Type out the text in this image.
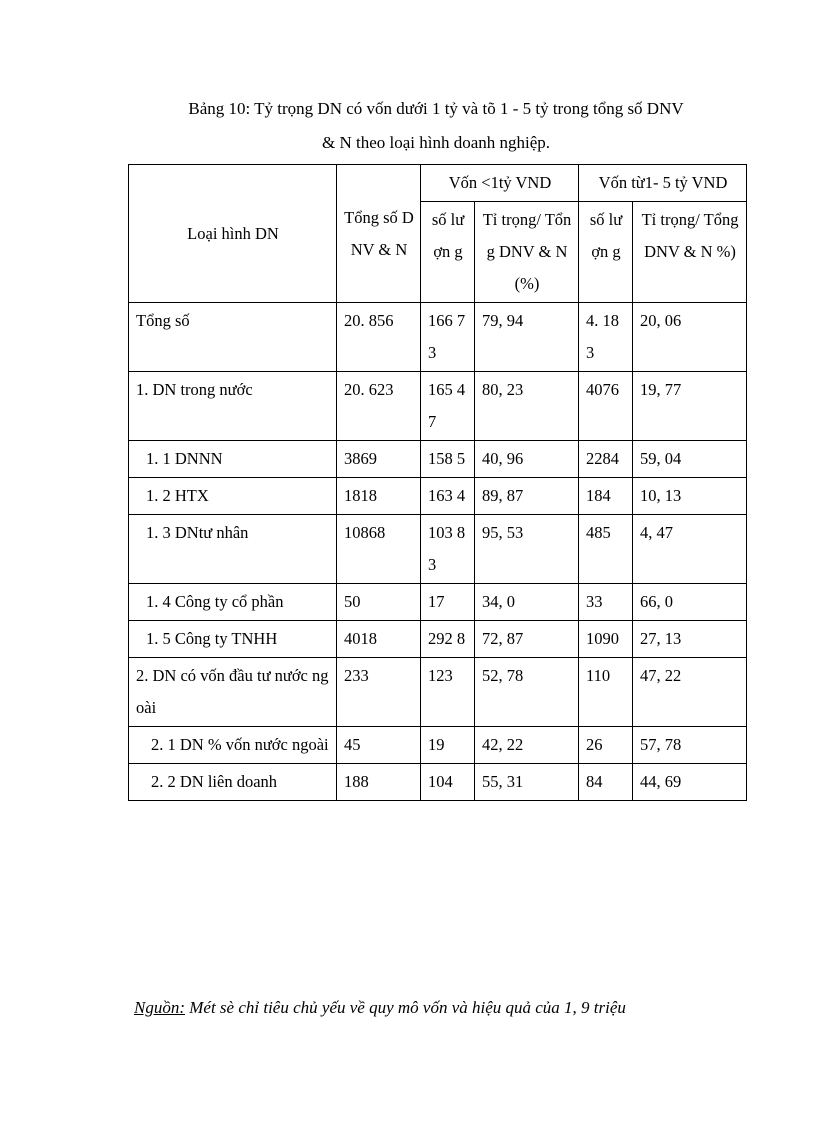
Bảng 10: Tỷ trọng DN có vốn dưới 1 tỷ và tõ 1 - 5 tỷ trong tổng số DNV
& N theo loại hình doanh nghiệp.
Loại hình DN	Tổng số DNV & N	Vốn <1tỷ VND		Vốn từ1- 5 tỷ VND	
		số lượn g	Tỉ trọng/ Tổng DNV & N (%)	số lượn g	Tỉ trọng/ Tổng DNV & N %)
Tổng số	20. 856	166 73	79, 94	4. 183	20, 06
1. DN trong nước	20. 623	165 47	80, 23	4076	19, 77
1. 1 DNNN	3869	158 5	40, 96	2284	59, 04
1. 2 HTX	1818	163 4	89, 87	184	10, 13
1. 3 DNtư nhân	10868	103 83	95, 53	485	4, 47
1. 4 Công ty cổ phần	50	17	34, 0	33	66, 0
1. 5 Công ty TNHH	4018	292 8	72, 87	1090	27, 13
2. DN có vốn đầu tư nước ngoài	233	123	52, 78	110	47, 22
2. 1 DN % vốn nước ngoài	45	19	42, 22	26	57, 78
2. 2 DN liên doanh	188	104	55, 31	84	44, 69
Nguồn: Mét sè chỉ tiêu chủ yếu về quy mô vốn và hiệu quả của 1, 9 triệu
